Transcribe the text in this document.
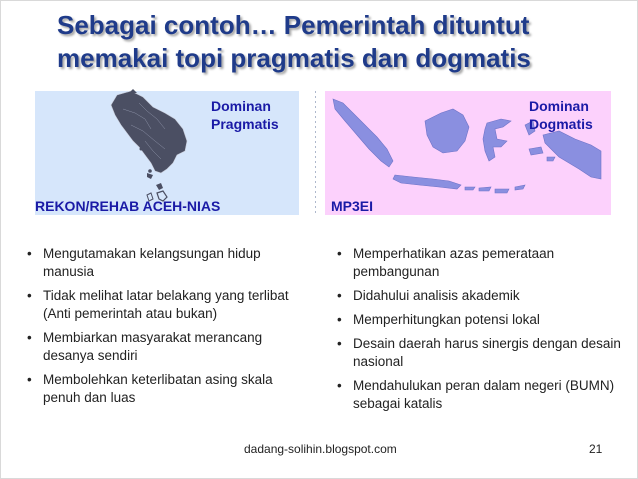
Sebagai contoh… Pemerintah dituntut
memakai topi pragmatis dan dogmatis
Dominan
Pragmatis
REKON/REHAB ACEH-NIAS
Dominan
Dogmatis
MP3EI
• Mengutamakan kelangsungan hidup manusia
• Tidak melihat latar belakang yang terlibat (Anti pemerintah atau bukan)
• Membiarkan masyarakat merancang desanya sendiri
• Membolehkan keterlibatan asing skala penuh dan luas
• Memperhatikan azas pemerataan pembangunan
• Didahului analisis akademik
• Memperhitungkan potensi lokal
• Desain daerah harus sinergis dengan desain nasional
• Mendahulukan peran dalam negeri (BUMN) sebagai katalis
dadang-solihin.blogspot.com	21
